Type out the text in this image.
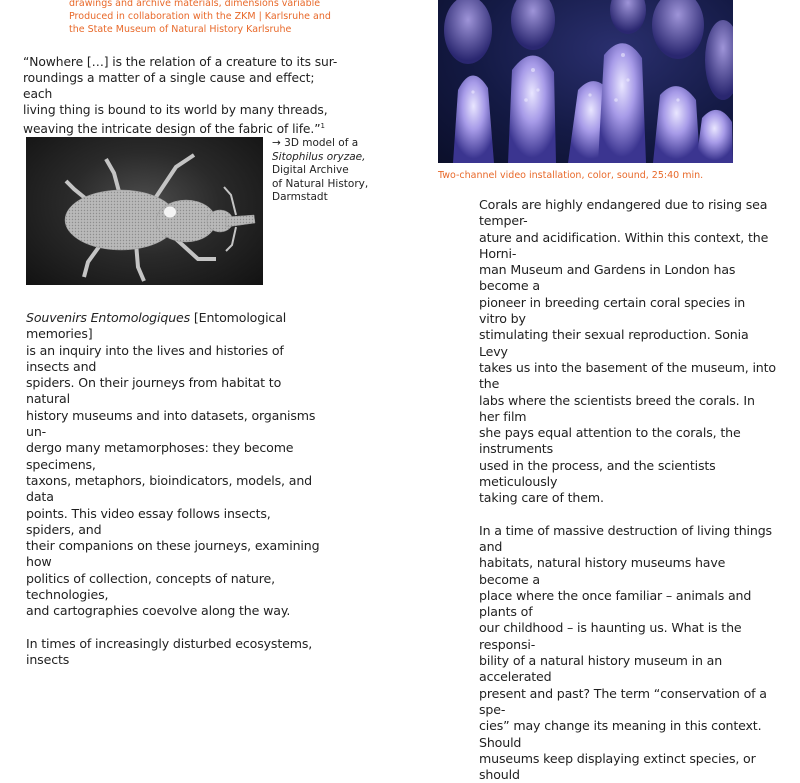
drawings and archive materials, dimensions variable
Produced in collaboration with the ZKM | Karlsruhe and
the State Museum of Natural History Karlsruhe
“Nowhere […] is the relation of a creature to its sur-
roundings a matter of a single cause and effect; each
living thing is bound to its world by many threads,
weaving the intricate design of the fabric of life.”$^1$
→ 3D model of a
Sitophilus oryzae,
Digital Archive
of Natural History,
Darmstadt
Two-channel video installation, color, sound, 25:40 min.
Souvenirs Entomologiques [Entomological memories]
is an inquiry into the lives and histories of insects and
spiders. On their journeys from habitat to natural
history museums and into datasets, organisms un-
dergo many metamorphoses: they become specimens,
taxons, metaphors, bioindicators, models, and data
points. This video essay follows insects, spiders, and
their companions on these journeys, examining how
politics of collection, concepts of nature, technologies,
and cartographies coevolve along the way.
In times of increasingly disturbed ecosystems, insects
Corals are highly endangered due to rising sea temper-
ature and acidification. Within this context, the Horni-
man Museum and Gardens in London has become a
pioneer in breeding certain coral species in vitro by
stimulating their sexual reproduction. Sonia Levy
takes us into the basement of the museum, into the
labs where the scientists breed the corals. In her film
she pays equal attention to the corals, the instruments
used in the process, and the scientists meticulously
taking care of them.
In a time of massive destruction of living things and
habitats, natural history museums have become a
place where the once familiar – animals and plants of
our childhood – is haunting us. What is the responsi-
bility of a natural history museum in an accelerated
present and past? The term “conservation of a spe-
cies” may change its meaning in this context. Should
museums keep displaying extinct species, or should
